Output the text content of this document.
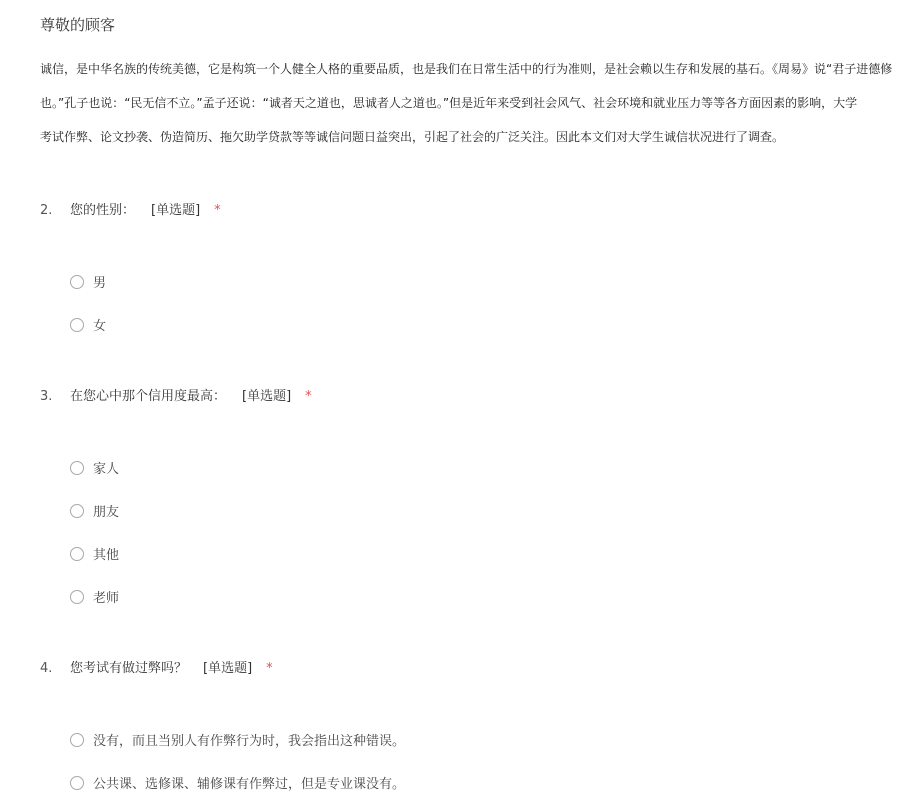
尊敬的顾客
诚信，是中华名族的传统美德，它是构筑一个人健全人格的重要品质，也是我们在日常生活中的行为准则，是社会赖以生存和发展的基石。《周易》说“君子进德修
也。”孔子也说：“民无信不立。”孟子还说：“诚者天之道也，思诚者人之道也。”但是近年来受到社会风气、社会环境和就业压力等等各方面因素的影响，大学
考试作弊、论文抄袭、伪造简历、拖欠助学贷款等等诚信问题日益突出，引起了社会的广泛关注。因此本文们对大学生诚信状况进行了调查。
2. 您的性别： [单选题] *
男
女
3. 在您心中那个信用度最高： [单选题] *
家人
朋友
其他
老师
4. 您考试有做过弊吗？ [单选题] *
没有，而且当别人有作弊行为时，我会指出这种错误。
公共课、选修课、辅修课有作弊过，但是专业课没有。
